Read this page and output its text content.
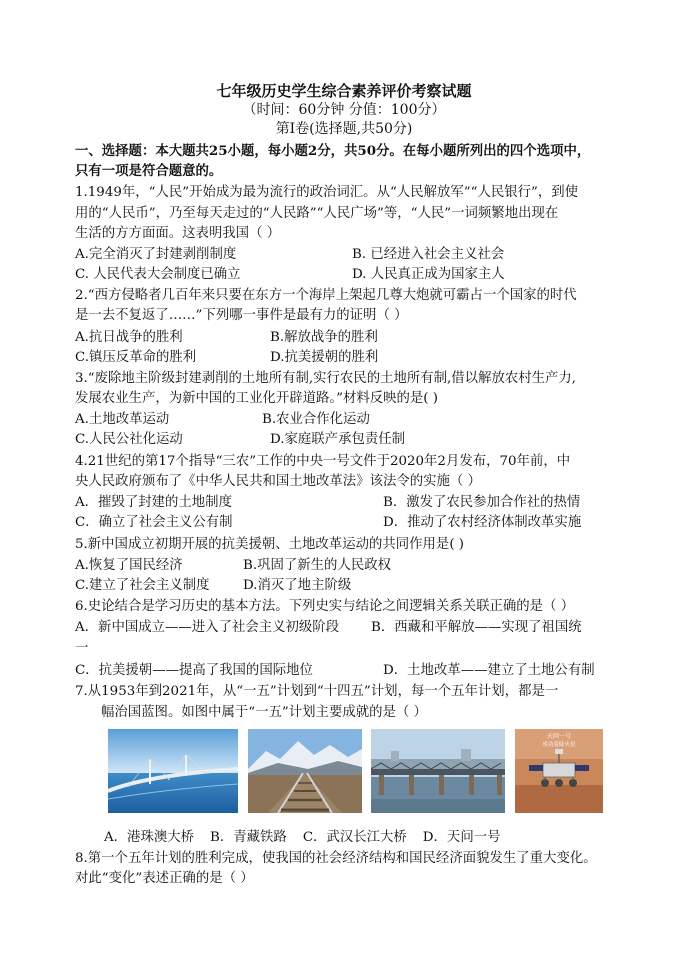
七年级历史学生综合素养评价考察试题
（时间：60分钟 分值：100分）
第Ⅰ卷(选择题,共50分)
一、选择题：本大题共25小题，每小题2分，共50分。在每小题所列出的四个选项中，
只有一项是符合题意的。
1.1949年，“人民”开始成为最为流行的政治词汇。从“人民解放军”“人民银行”，到使
用的“人民币”，乃至每天走过的“人民路”“人民广场”等，“人民”一词频繁地出现在
生活的方方面面。这表明我国（ ）
A.完全消灭了封建剥削制度	B. 已经进入社会主义社会
C. 人民代表大会制度已确立	D. 人民真正成为国家主人
2.“西方侵略者几百年来只要在东方一个海岸上架起几尊大炮就可霸占一个国家的时代
是一去不复返了……”下列哪一事件是最有力的证明（ ）
A.抗日战争的胜利	B.解放战争的胜利
C.镇压反革命的胜利	D.抗美援朝的胜利
3.“废除地主阶级封建剥削的土地所有制,实行农民的土地所有制,借以解放农村生产力,
发展农业生产，为新中国的工业化开辟道路。”材料反映的是( )
A.土地改革运动	B.农业合作化运动
C.人民公社化运动	D.家庭联产承包责任制
4.21世纪的第17个指导“三农”工作的中央一号文件于2020年2月发布，70年前，中
央人民政府颁布了《中华人民共和国土地改革法》该法令的实施（ ）
A．摧毁了封建的土地制度	B．激发了农民参加合作社的热情
C．确立了社会主义公有制	D．推动了农村经济体制改革实施
5.新中国成立初期开展的抗美援朝、土地改革运动的共同作用是( )
A.恢复了国民经济	B.巩固了新生的人民政权
C.建立了社会主义制度 D.消灭了地主阶级
6.史论结合是学习历史的基本方法。下列史实与结论之间逻辑关系关联正确的是（ ）
A．新中国成立——进入了社会主义初级阶段 B．西藏和平解放——实现了祖国统
一
C．抗美援朝——提高了我国的国际地位	D．土地改革——建立了土地公有制
7.从1953年到2021年，从“一五”计划到“十四五”计划，每一个五年计划，都是一
幅治国蓝图。如图中属于“一五”计划主要成就的是（ ）
天问一号
成功着陆火星
A．港珠澳大桥 B．青藏铁路 C．武汉长江大桥 D．天问一号
8.第一个五年计划的胜利完成，使我国的社会经济结构和国民经济面貌发生了重大变化。
对此“变化”表述正确的是（ ）
